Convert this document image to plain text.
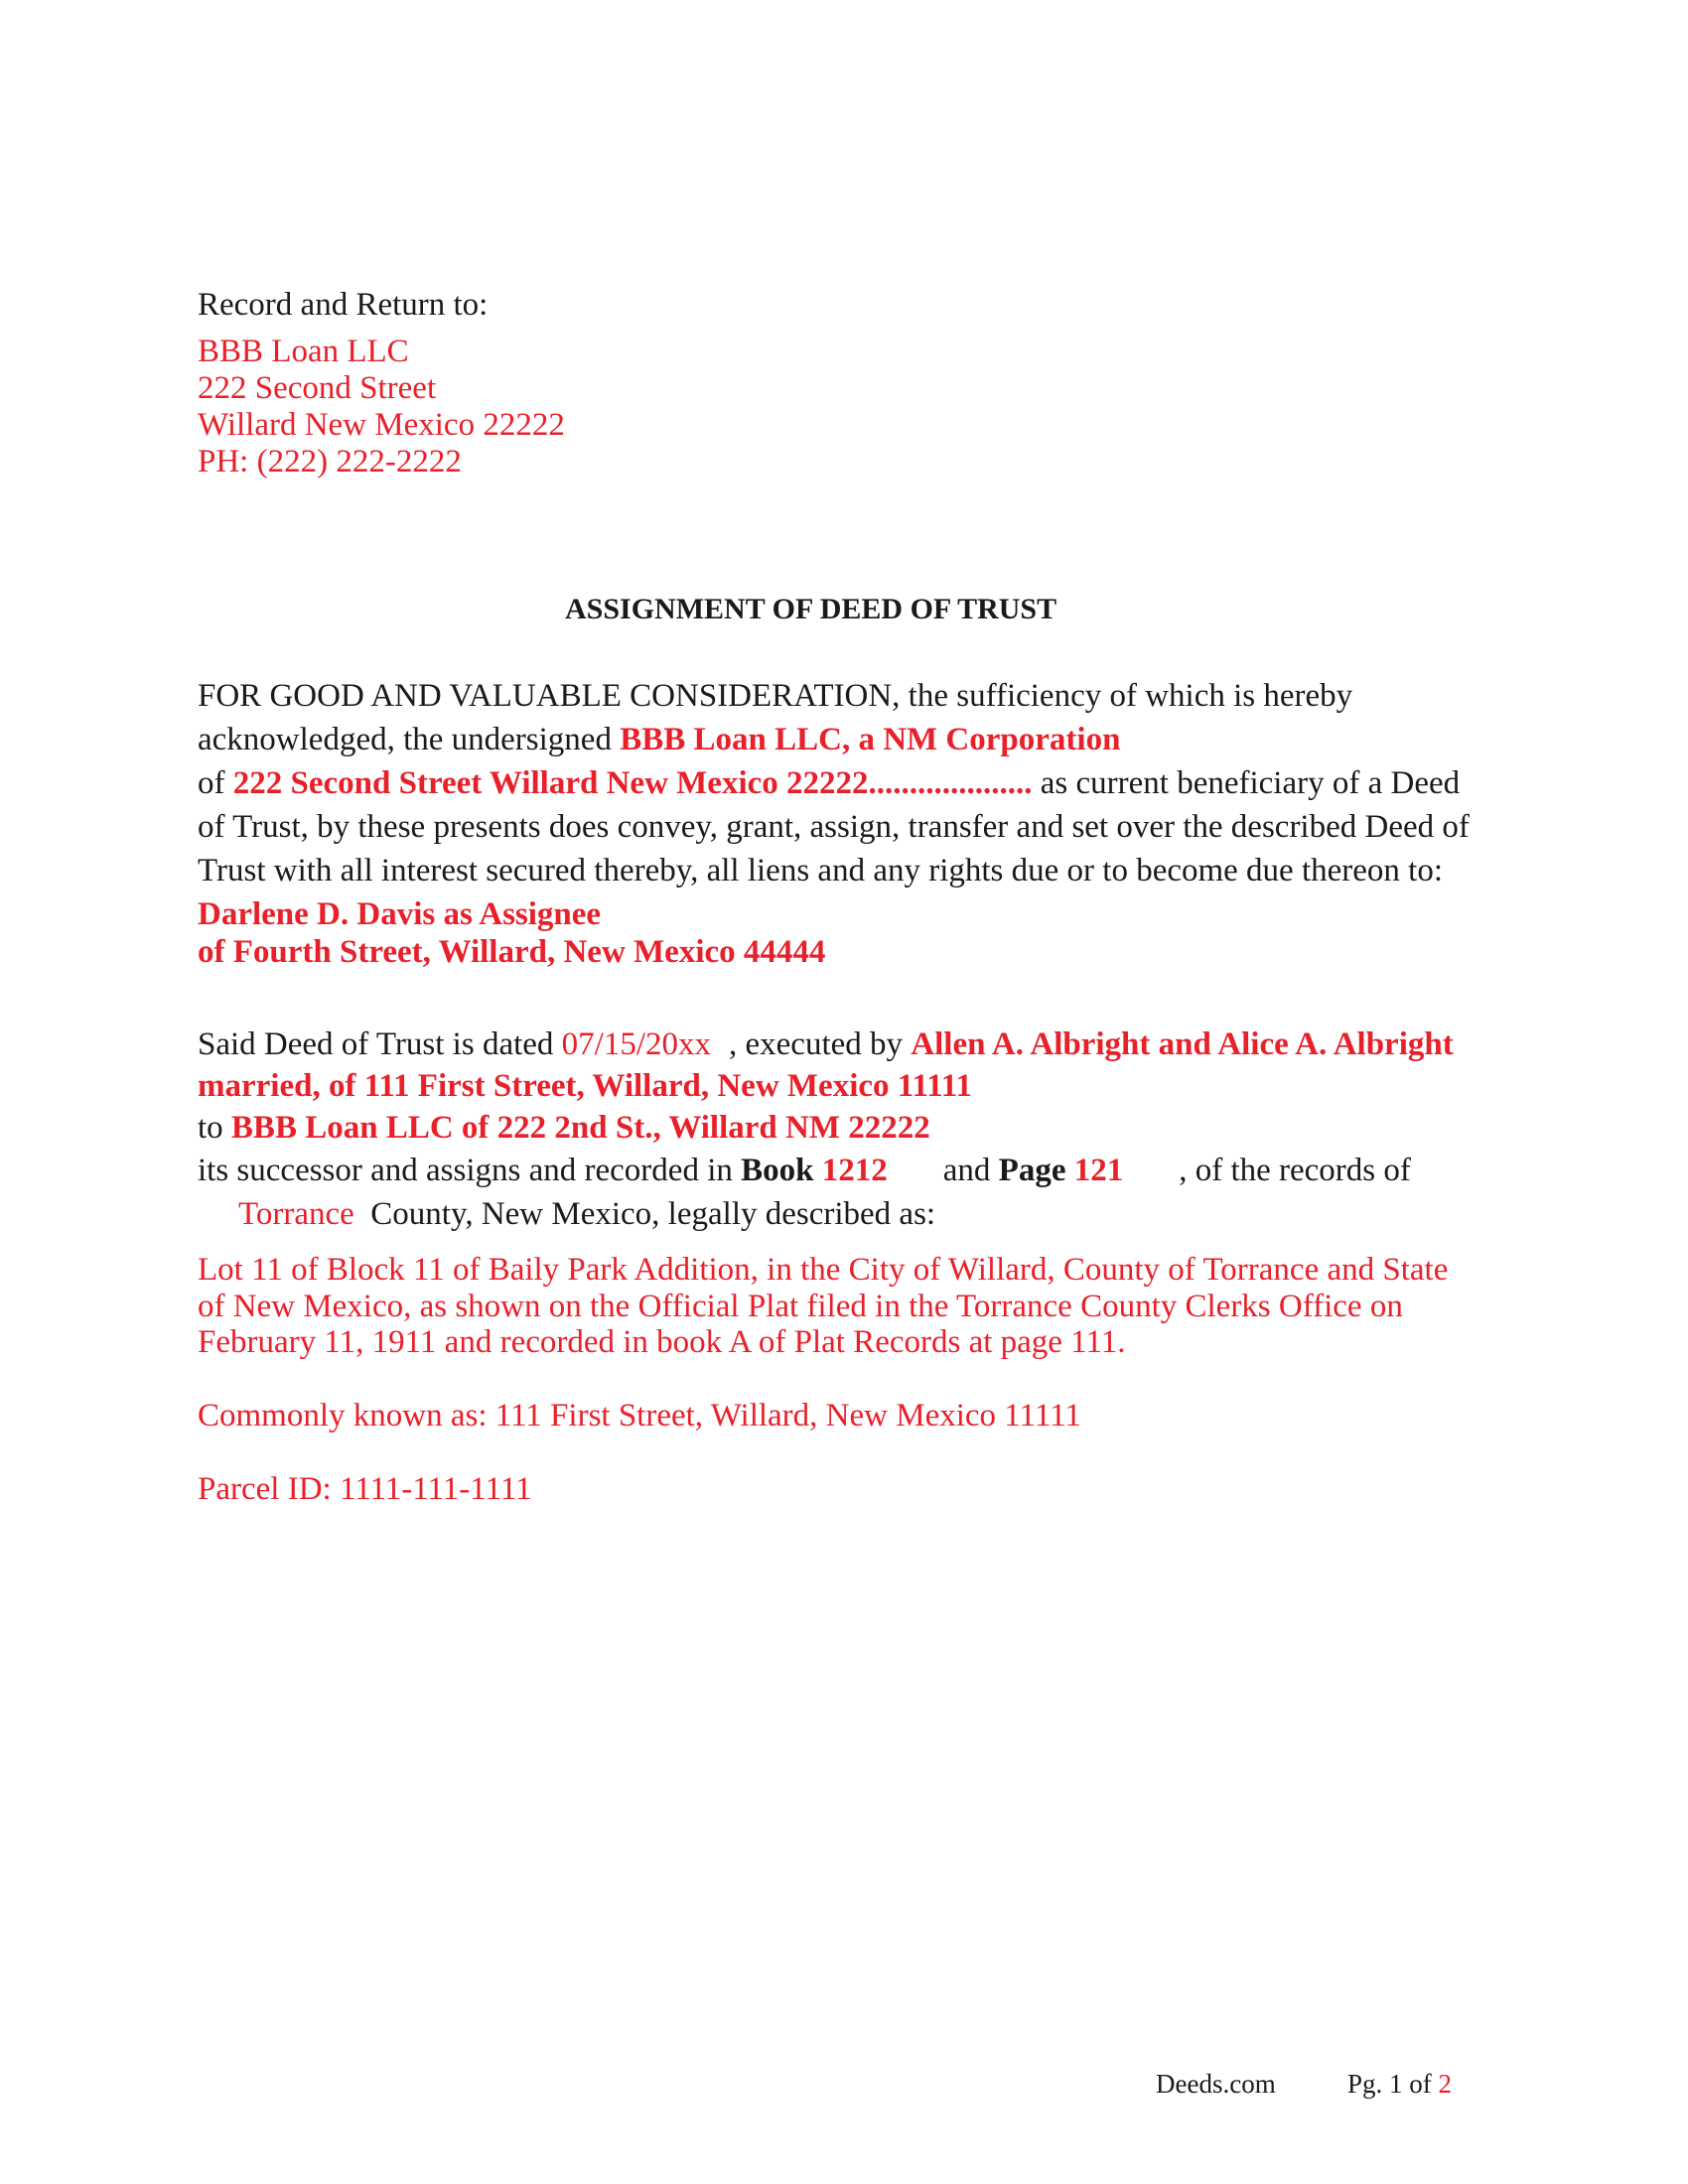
Record and Return to:
BBB Loan LLC
222 Second Street
Willard New Mexico 22222
PH: (222) 222-2222
ASSIGNMENT OF DEED OF TRUST
FOR GOOD AND VALUABLE CONSIDERATION, the sufficiency of which is hereby
acknowledged, the undersigned BBB Loan LLC, a NM Corporation
of 222 Second Street Willard New Mexico 22222.................... as current beneficiary of a Deed
of Trust, by these presents does convey, grant, assign, transfer and set over the described Deed of
Trust with all interest secured thereby, all liens and any rights due or to become due thereon to:
Darlene D. Davis as Assignee
of Fourth Street, Willard, New Mexico 44444
Said Deed of Trust is dated 07/15/20xx , executed by Allen A. Albright and Alice A. Albright
married, of 111 First Street, Willard, New Mexico 11111
to BBB Loan LLC of 222 2nd St., Willard NM 22222
its successor and assigns and recorded in Book 1212 and Page 121 , of the records of
Torrance County, New Mexico, legally described as:
Lot 11 of Block 11 of Baily Park Addition, in the City of Willard, County of Torrance and State
of New Mexico, as shown on the Official Plat filed in the Torrance County Clerks Office on
February 11, 1911 and recorded in book A of Plat Records at page 111.
Commonly known as: 111 First Street, Willard, New Mexico 11111
Parcel ID: 1111-111-1111
Deeds.com	Pg. 1 of 2
